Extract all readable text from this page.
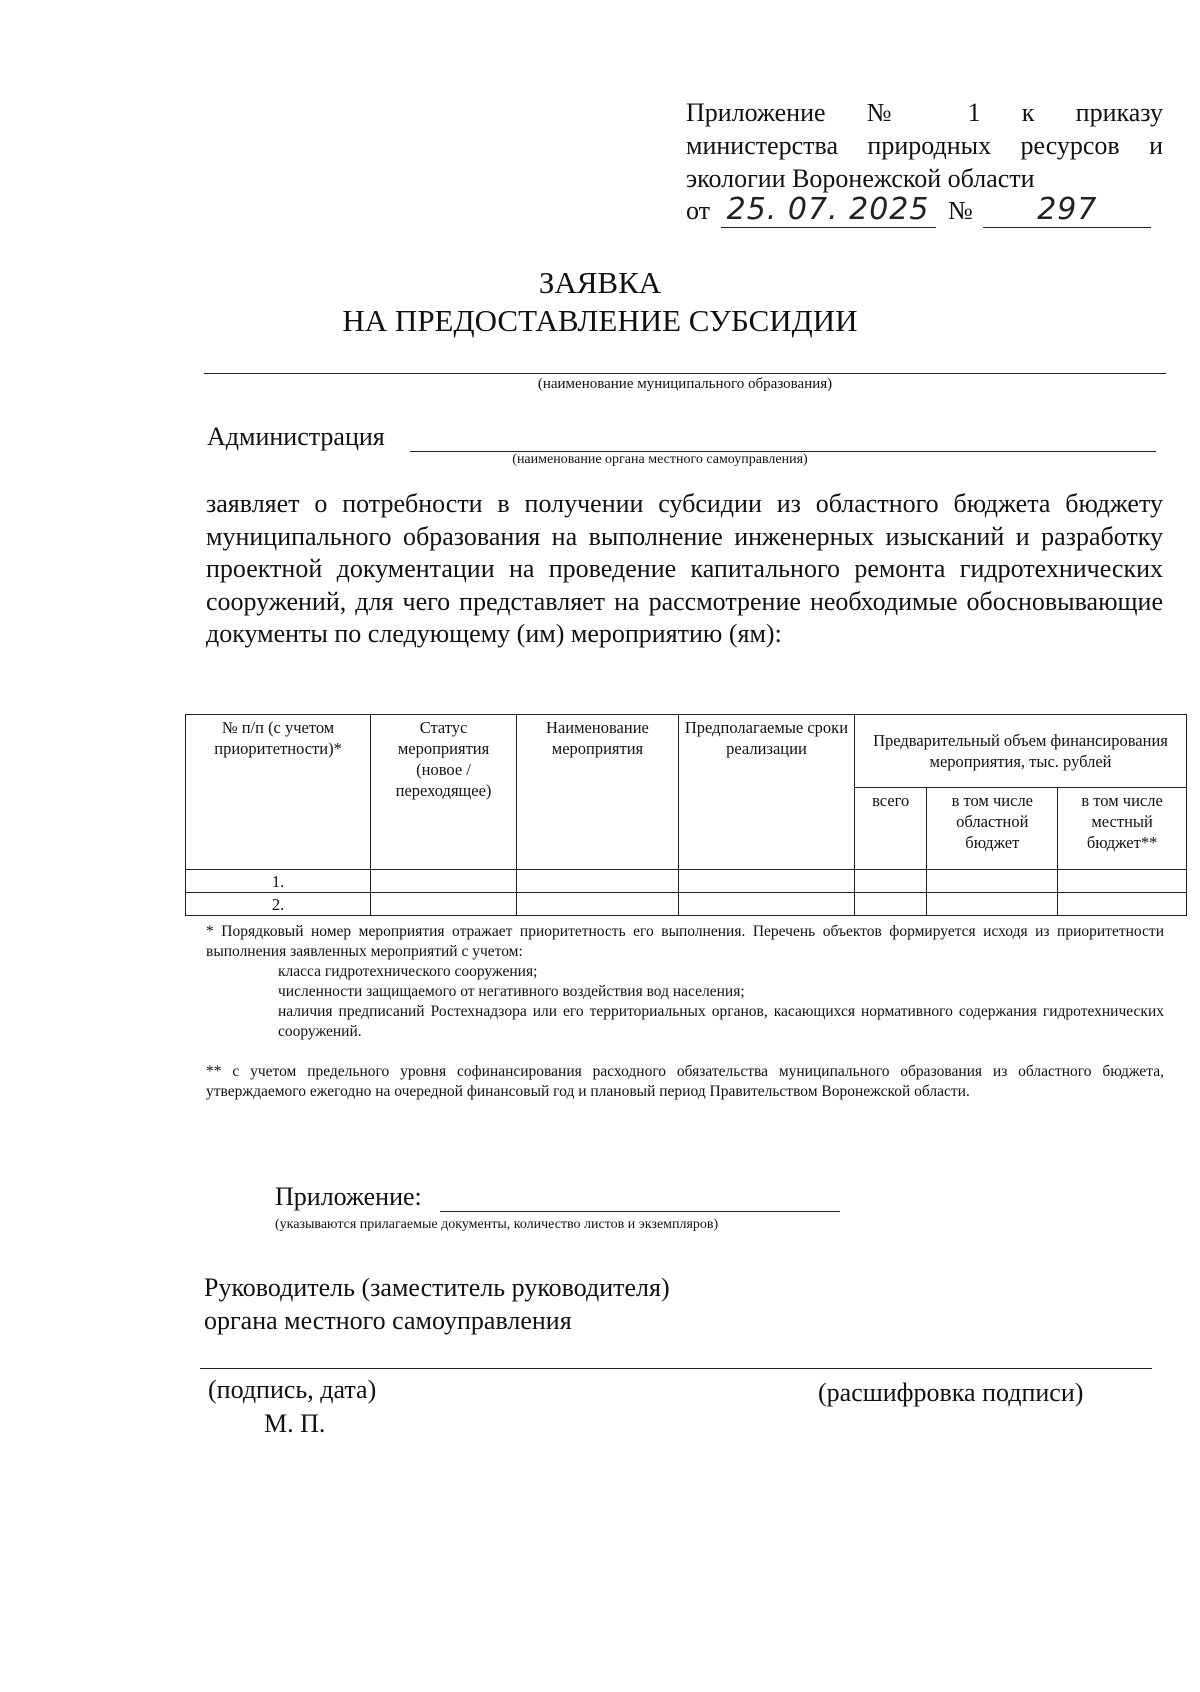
Приложение № 1 к приказу
министерства природных ресурсов и
экологии Воронежской области
от 25. 07. 2025 № 297
ЗАЯВКА
НА ПРЕДОСТАВЛЕНИЕ СУБСИДИИ
(наименование муниципального образования)
Администрация
(наименование органа местного самоуправления)
заявляет о потребности в получении субсидии из областного бюджета бюджету муниципального образования на выполнение инженерных изысканий и разработку проектной документации на проведение капитального ремонта гидротехнических сооружений, для чего представляет на рассмотрение необходимые обосновывающие документы по следующему (им) мероприятию (ям):
№ п/п (с учетом приоритетности)*	Статус мероприятия (новое / переходящее)	Наименование мероприятия	Предполагаемые сроки реализации	Предварительный объем финансирования мероприятия, тыс. рублей		
				всего	в том числе областной бюджет	в том числе местный бюджет**
1.						
2.						

* Порядковый номер мероприятия отражает приоритетность его выполнения. Перечень объектов формируется исходя из приоритетности выполнения заявленных мероприятий с учетом:

класса гидротехнического сооружения;

численности защищаемого от негативного воздействия вод населения;

наличия предписаний Ростехнадзора или его территориальных органов, касающихся нормативного содержания гидротехнических сооружений.

** с учетом предельного уровня софинансирования расходного обязательства муниципального образования из областного бюджета, утверждаемого ежегодно на очередной финансовый год и плановый период Правительством Воронежской области.

Приложение:
(указываются прилагаемые документы, количество листов и экземпляров)
Руководитель (заместитель руководителя)
органа местного самоуправления
(подпись, дата)	(расшифровка подписи)
М. П.
